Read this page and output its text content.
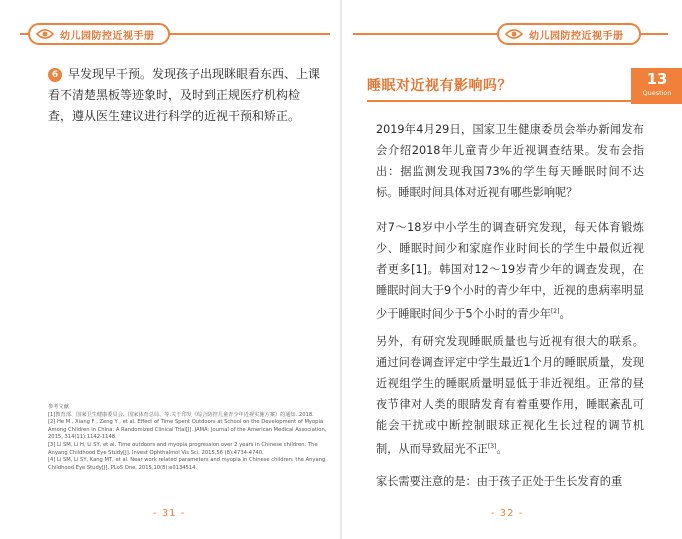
幼儿园防控近视手册
6 早发现早干预。发现孩子出现眯眼看东西、上课看不清楚黑板等迹象时，及时到正规医疗机构检查，遵从医生建议进行科学的近视干预和矫正。
参考文献
[1]教育部、国家卫生健康委员会、国家体育总局、等.关于印发《综合防控儿童青少年近视实施方案》的通知. 2018.
[2] He M , Xiang F , Zeng Y , et al. Effect of Time Spent Outdoors at School on the Development of Myopia Among Children in China: A Randomized Clinical Trial[J]. JAMA: Journal of the American Medical Association, 2015, 314(11):1142-1148.
[3] Li SM, Li H, Li SY, et al. Time outdoors and myopia progression over 2 years in Chinese children: The Anyang Childhood Eye Study[J]. Invest Ophthalmol Vis Sci, 2015,56 (8):4734-4740.
[4] Li SM, Li SY, Kang MT, et al. Near work related parameters and myopia in Chinese children: the Anyang Childhood Eye Study[J]. PLoS One, 2015,10(8):e0134514.
- 31 -
幼儿园防控近视手册
睡眠对近视有影响吗？	13
Question
2019年4月29日，国家卫生健康委员会举办新闻发布会介绍2018年儿童青少年近视调查结果。发布会指出：据监测发现我国73%的学生每天睡眠时间不达标。睡眠时间具体对近视有哪些影响呢？
对7～18岁中小学生的调查研究发现，每天体育锻炼少、睡眠时间少和家庭作业时间长的学生中最似近视者更多[1]。韩国对12～19岁青少年的调查发现，在睡眠时间大于9个小时的青少年中，近视的患病率明显少于睡眠时间少于5个小时的青少年[2]。
另外，有研究发现睡眠质量也与近视有很大的联系。通过问卷调查评定中学生最近1个月的睡眠质量，发现近视组学生的睡眠质量明显低于非近视组。正常的昼夜节律对人类的眼睛发育有着重要作用，睡眠紊乱可能会干扰或中断控制眼球正视化生长过程的调节机制，从而导致屈光不正[3]。
家长需要注意的是：由于孩子正处于生长发育的重
- 32 -
